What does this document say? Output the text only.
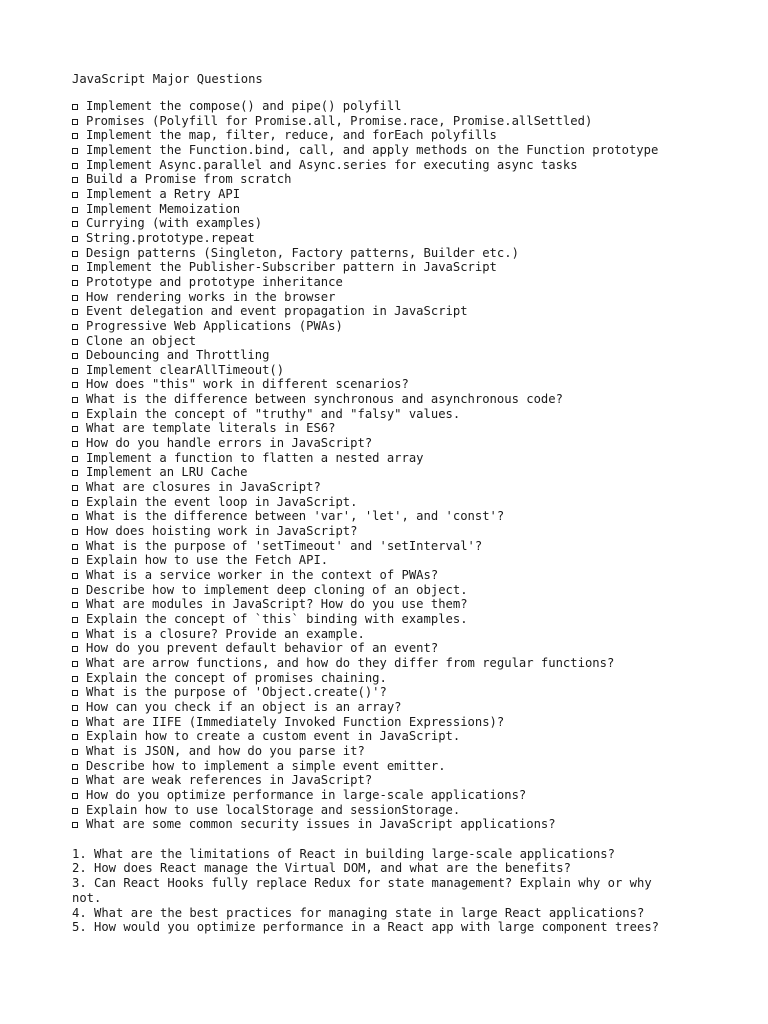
JavaScript Major Questions
Implement the compose() and pipe() polyfill
Promises (Polyfill for Promise.all, Promise.race, Promise.allSettled)
Implement the map, filter, reduce, and forEach polyfills
Implement the Function.bind, call, and apply methods on the Function prototype
Implement Async.parallel and Async.series for executing async tasks
Build a Promise from scratch
Implement a Retry API
Implement Memoization
Currying (with examples)
String.prototype.repeat
Design patterns (Singleton, Factory patterns, Builder etc.)
Implement the Publisher-Subscriber pattern in JavaScript
Prototype and prototype inheritance
How rendering works in the browser
Event delegation and event propagation in JavaScript
Progressive Web Applications (PWAs)
Clone an object
Debouncing and Throttling
Implement clearAllTimeout()
How does "this" work in different scenarios?
What is the difference between synchronous and asynchronous code?
Explain the concept of "truthy" and "falsy" values.
What are template literals in ES6?
How do you handle errors in JavaScript?
Implement a function to flatten a nested array
Implement an LRU Cache
What are closures in JavaScript?
Explain the event loop in JavaScript.
What is the difference between 'var', 'let', and 'const'?
How does hoisting work in JavaScript?
What is the purpose of 'setTimeout' and 'setInterval'?
Explain how to use the Fetch API.
What is a service worker in the context of PWAs?
Describe how to implement deep cloning of an object.
What are modules in JavaScript? How do you use them?
Explain the concept of `this` binding with examples.
What is a closure? Provide an example.
How do you prevent default behavior of an event?
What are arrow functions, and how do they differ from regular functions?
Explain the concept of promises chaining.
What is the purpose of 'Object.create()'?
How can you check if an object is an array?
What are IIFE (Immediately Invoked Function Expressions)?
Explain how to create a custom event in JavaScript.
What is JSON, and how do you parse it?
Describe how to implement a simple event emitter.
What are weak references in JavaScript?
How do you optimize performance in large-scale applications?
Explain how to use localStorage and sessionStorage.
What are some common security issues in JavaScript applications?
1. What are the limitations of React in building large-scale applications?
2. How does React manage the Virtual DOM, and what are the benefits?
3. Can React Hooks fully replace Redux for state management? Explain why or why not.
4. What are the best practices for managing state in large React applications?
5. How would you optimize performance in a React app with large component trees?
